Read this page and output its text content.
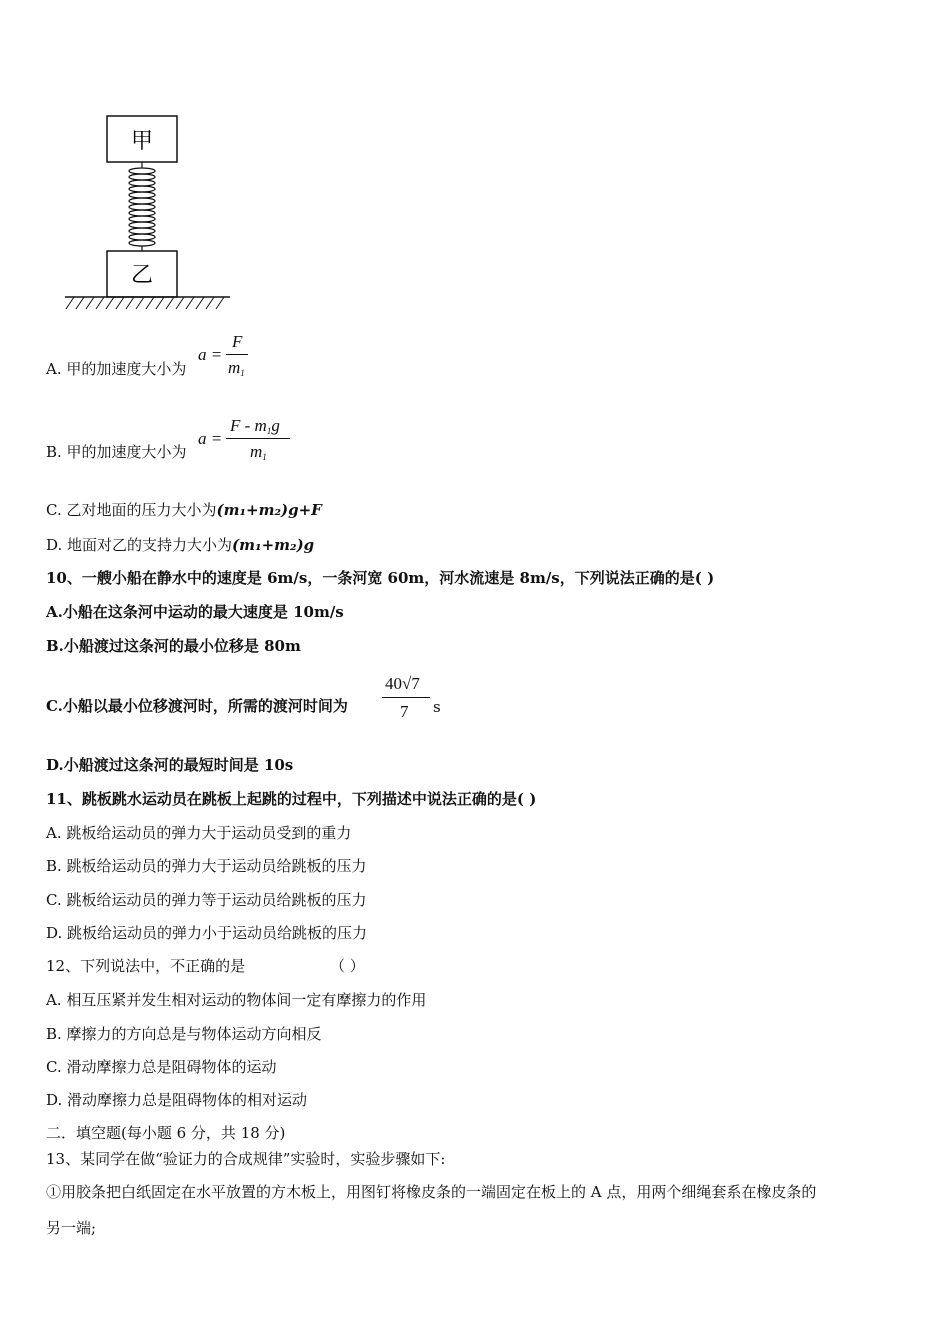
甲
乙
A. 甲的加速度大小为
a =
F
$m_1$
B. 甲的加速度大小为
a =
F - $m_1g$
$m_1$
C. 乙对地面的压力大小为(m₁+m₂)g+F
D. 地面对乙的支持力大小为(m₁+m₂)g
10、一艘小船在静水中的速度是 6m/s，一条河宽 60m，河水流速是 8m/s，下列说法正确的是( )
A.小船在这条河中运动的最大速度是 10m/s
B.小船渡过这条河的最小位移是 80m
C.小船以最小位移渡河时，所需的渡河时间为
40√7
7 s
D.小船渡过这条河的最短时间是 10s
11、跳板跳水运动员在跳板上起跳的过程中，下列描述中说法正确的是( )
A. 跳板给运动员的弹力大于运动员受到的重力
B. 跳板给运动员的弹力大于运动员给跳板的压力
C. 跳板给运动员的弹力等于运动员给跳板的压力
D. 跳板给运动员的弹力小于运动员给跳板的压力
12、下列说法中，不正确的是	（ ）
A. 相互压紧并发生相对运动的物体间一定有摩擦力的作用
B. 摩擦力的方向总是与物体运动方向相反
C. 滑动摩擦力总是阻碍物体的运动
D. 滑动摩擦力总是阻碍物体的相对运动
二．填空题(每小题 6 分，共 18 分)
13、某同学在做“验证力的合成规律”实验时，实验步骤如下:
①用胶条把白纸固定在水平放置的方木板上，用图钉将橡皮条的一端固定在板上的 A 点，用两个细绳套系在橡皮条的
另一端;
